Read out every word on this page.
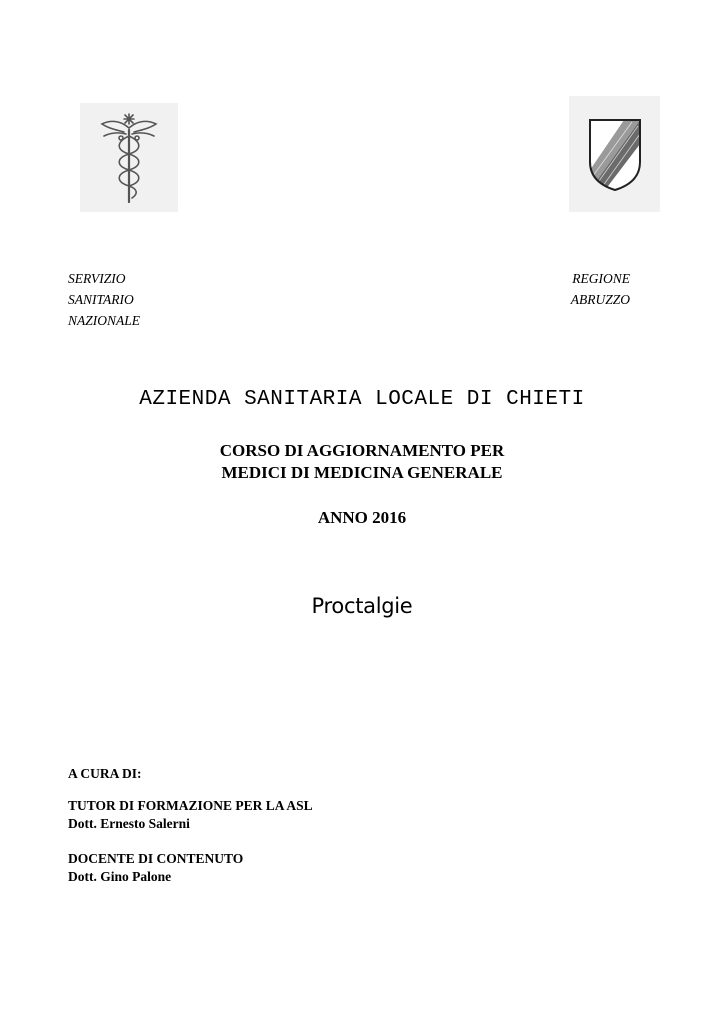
SERVIZIO
SANITARIO
NAZIONALE
REGIONE
ABRUZZO
AZIENDA SANITARIA LOCALE DI CHIETI
CORSO DI AGGIORNAMENTO PER
MEDICI DI MEDICINA GENERALE
ANNO 2016
Proctalgie
A CURA DI:
TUTOR DI FORMAZIONE PER LA ASL
Dott. Ernesto Salerni
DOCENTE DI CONTENUTO
Dott. Gino Palone
